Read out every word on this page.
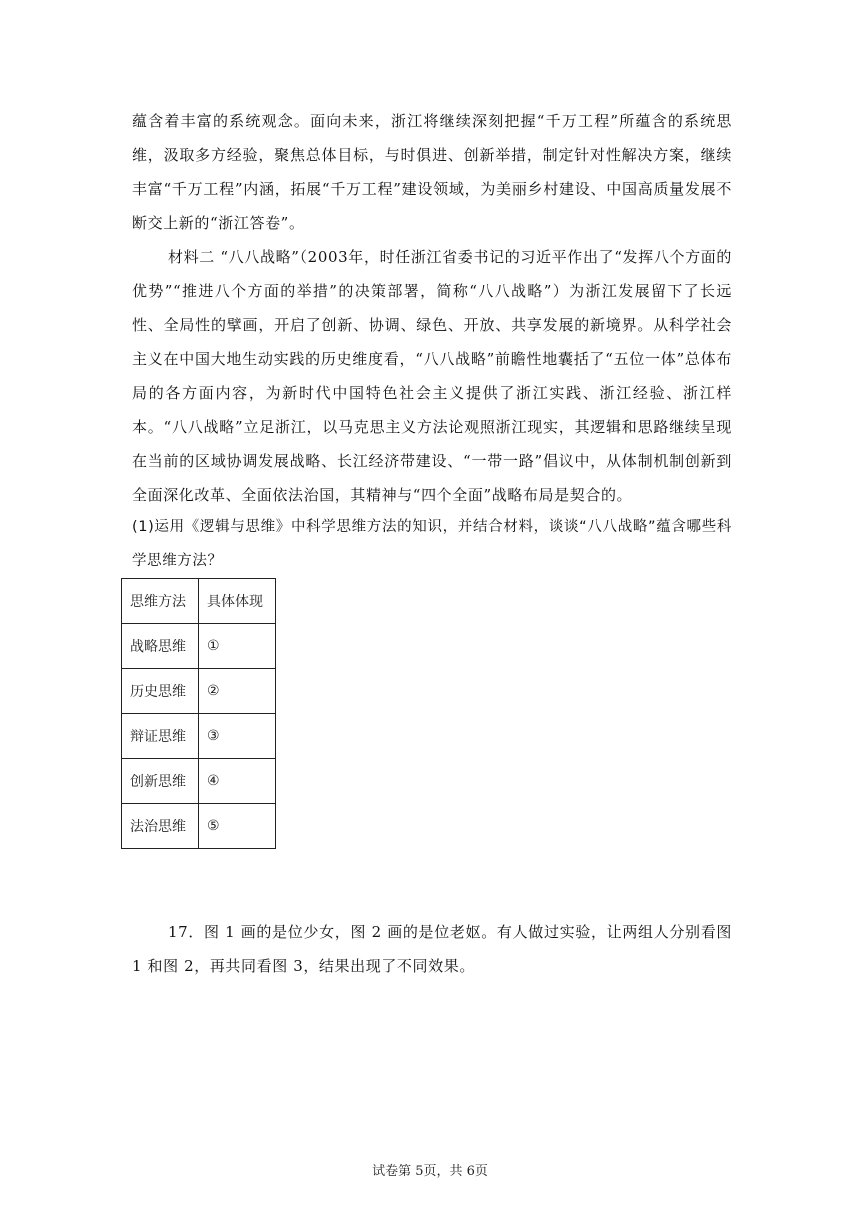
蕴含着丰富的系统观念。面向未来，浙江将继续深刻把握“千万工程”所蕴含的系统思维，汲取多方经验，聚焦总体目标，与时俱进、创新举措，制定针对性解决方案，继续丰富“千万工程”内涵，拓展“千万工程”建设领域，为美丽乡村建设、中国高质量发展不断交上新的“浙江答卷”。

材料二 “八八战略”（2003年，时任浙江省委书记的习近平作出了“发挥八个方面的优势”“推进八个方面的举措”的决策部署，简称“八八战略”）为浙江发展留下了长远性、全局性的擘画，开启了创新、协调、绿色、开放、共享发展的新境界。从科学社会主义在中国大地生动实践的历史维度看，“八八战略”前瞻性地囊括了“五位一体”总体布局的各方面内容，为新时代中国特色社会主义提供了浙江实践、浙江经验、浙江样本。“八八战略”立足浙江，以马克思主义方法论观照浙江现实，其逻辑和思路继续呈现在当前的区域协调发展战略、长江经济带建设、“一带一路”倡议中，从体制机制创新到全面深化改革、全面依法治国，其精神与“四个全面”战略布局是契合的。

(1)运用《逻辑与思维》中科学思维方法的知识，并结合材料，谈谈“八八战略”蕴含哪些科学思维方法？

思维方法	具体体现
战略思维	①
历史思维	②
辩证思维	③
创新思维	④
法治思维	⑤

17．图 1 画的是位少女，图 2 画的是位老妪。有人做过实验，让两组人分别看图 1 和图 2，再共同看图 3，结果出现了不同效果。

试卷第 5页，共 6页
